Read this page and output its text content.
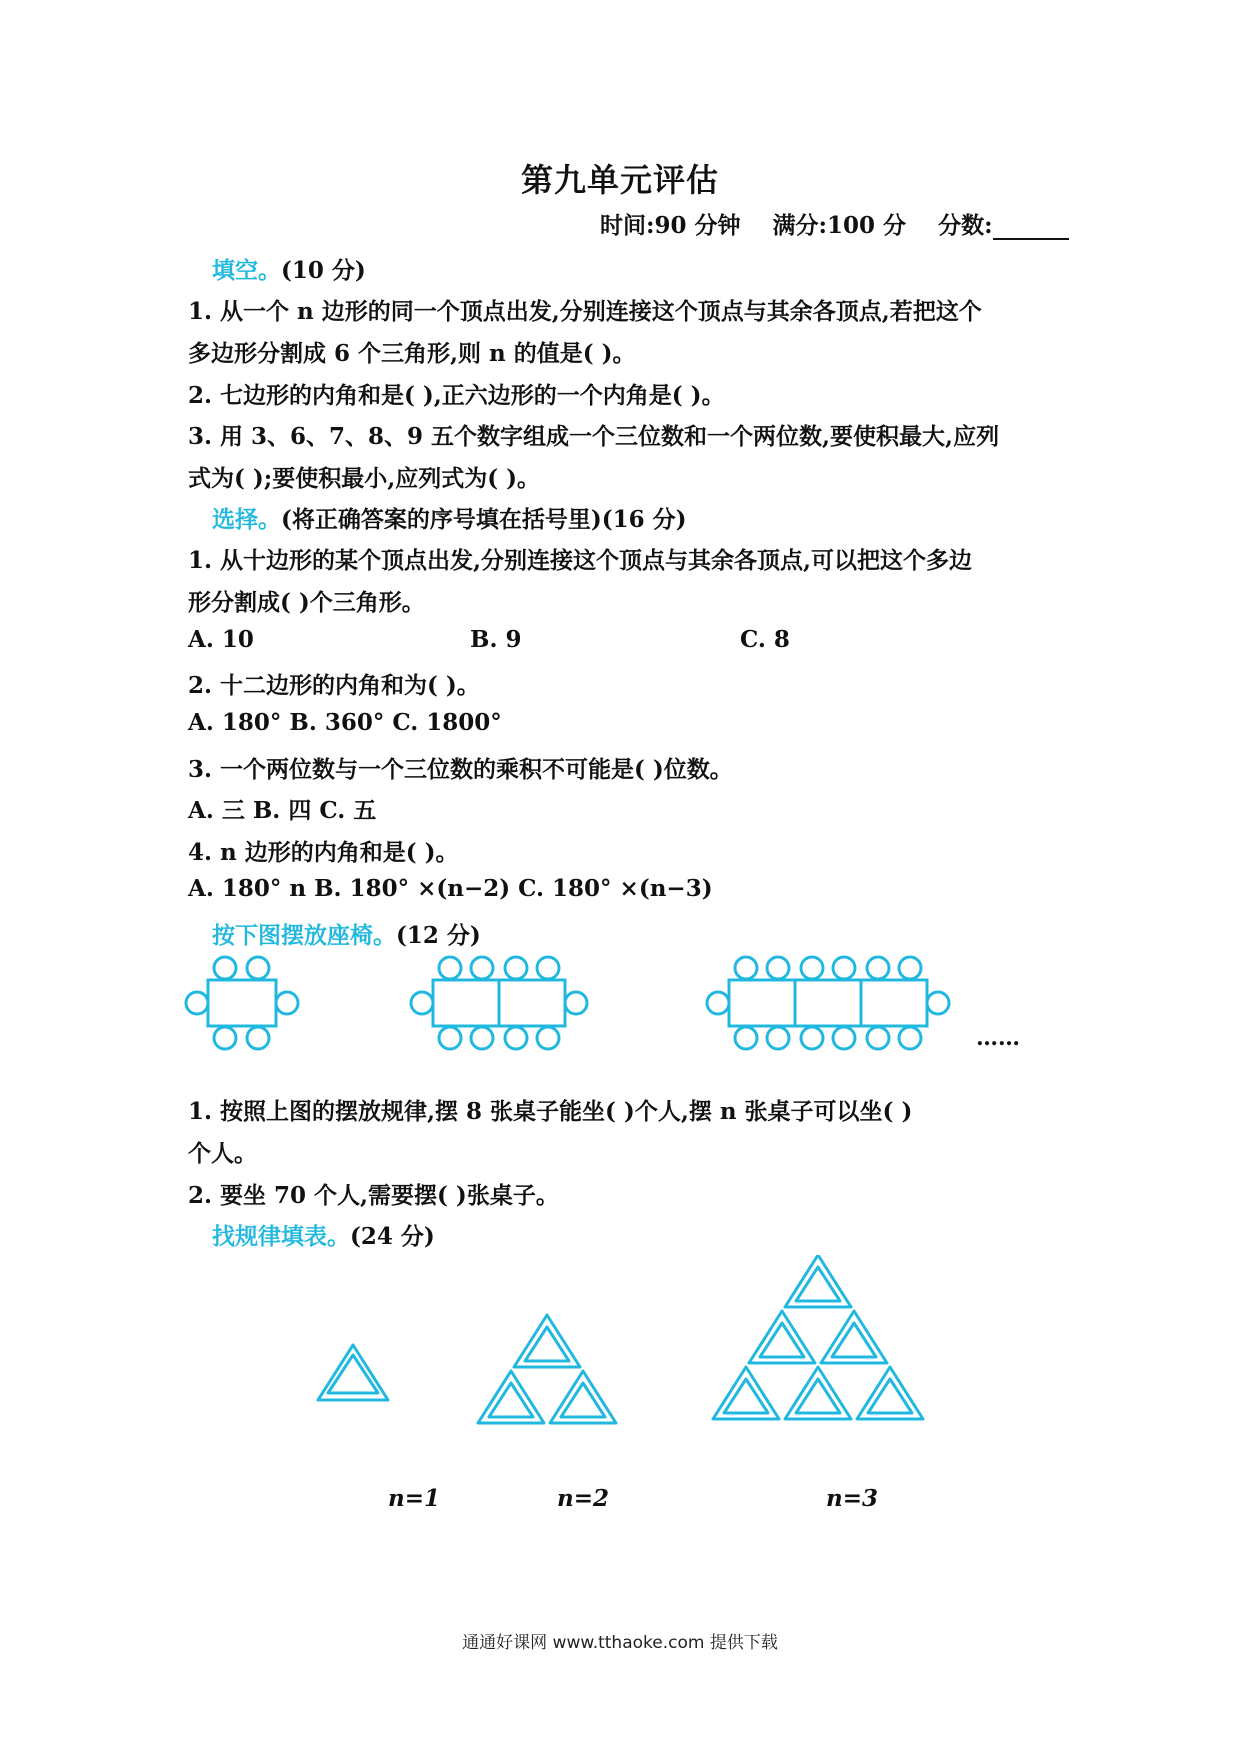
第九单元评估
时间:90 分钟 满分:100 分 分数:
填空。(10 分)
1. 从一个 n 边形的同一个顶点出发,分别连接这个顶点与其余各顶点,若把这个
多边形分割成 6 个三角形,则 n 的值是( )。
2. 七边形的内角和是( ),正六边形的一个内角是( )。
3. 用 3、6、7、8、9 五个数字组成一个三位数和一个两位数,要使积最大,应列
式为( );要使积最小,应列式为( )。
选择。(将正确答案的序号填在括号里)(16 分)
1. 从十边形的某个顶点出发,分别连接这个顶点与其余各顶点,可以把这个多边
形分割成( )个三角形。
A. 10	B. 9	C. 8
2. 十二边形的内角和为( )。
A. 180° B. 360° C. 1800°
3. 一个两位数与一个三位数的乘积不可能是( )位数。
A. 三 B. 四 C. 五
4. n 边形的内角和是( )。
A. 180° n B. 180° ×(n−2) C. 180° ×(n−3)
按下图摆放座椅。(12 分)
……
1. 按照上图的摆放规律,摆 8 张桌子能坐( )个人,摆 n 张桌子可以坐( )
个人。
2. 要坐 70 个人,需要摆( )张桌子。
找规律填表。(24 分)
n=1	n=2	n=3
通通好课网 www.tthaoke.com 提供下载
